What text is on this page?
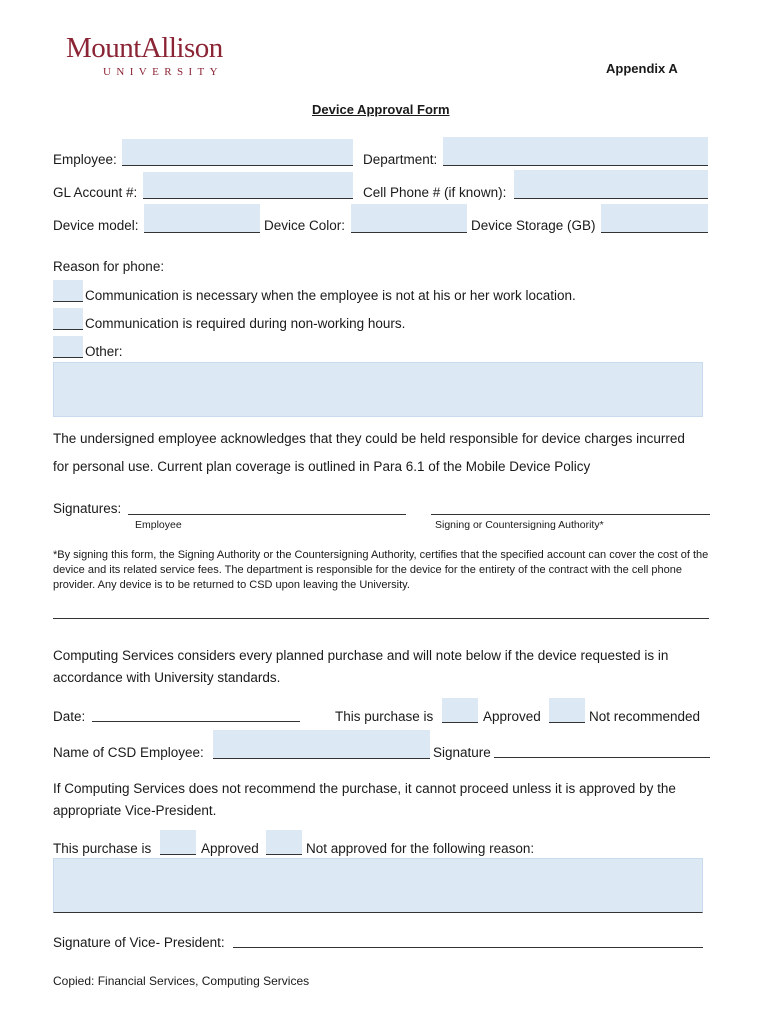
MountAllison
UNIVERSITY	Appendix A
Device Approval Form
Employee:	Department:
GL Account #:	Cell Phone # (if known):
Device model:	Device Color:	Device Storage (GB)
Reason for phone:
Communication is necessary when the employee is not at his or her work location.
Communication is required during non-working hours.
Other:
The undersigned employee acknowledges that they could be held responsible for device charges incurred
for personal use. Current plan coverage is outlined in Para 6.1 of the Mobile Device Policy
Signatures:
Employee	Signing or Countersigning Authority*
*By signing this form, the Signing Authority or the Countersigning Authority, certifies that the specified account can cover the cost of the device and its related service fees. The department is responsible for the device for the entirety of the contract with the cell phone provider. Any device is to be returned to CSD upon leaving the University.
Computing Services considers every planned purchase and will note below if the device requested is in accordance with University standards.
Date:	This purchase is	Approved	Not recommended
Name of CSD Employee:	Signature
If Computing Services does not recommend the purchase, it cannot proceed unless it is approved by the appropriate Vice-President.
This purchase is	Approved	Not approved for the following reason:
Signature of Vice- President:
Copied: Financial Services, Computing Services
